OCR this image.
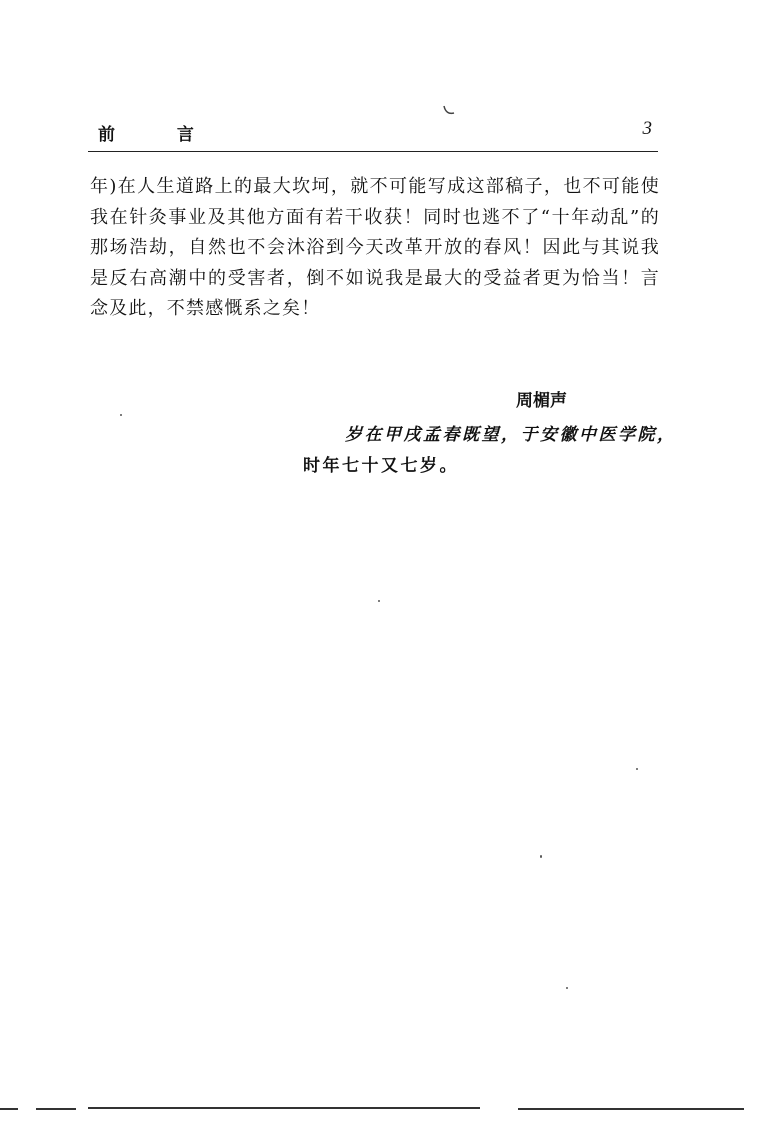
前 言	3

年)在人生道路上的最大坎坷，就不可能写成这部稿子，也不可能使我在针灸事业及其他方面有若干收获！同时也逃不了“十年动乱”的那场浩劫，自然也不会沐浴到今天改革开放的春风！因此与其说我是反右高潮中的受害者，倒不如说我是最大的受益者更为恰当！言念及此，不禁感慨系之矣！

周楣声
岁在甲戌孟春既望，于安徽中医学院，
时年七十又七岁。
